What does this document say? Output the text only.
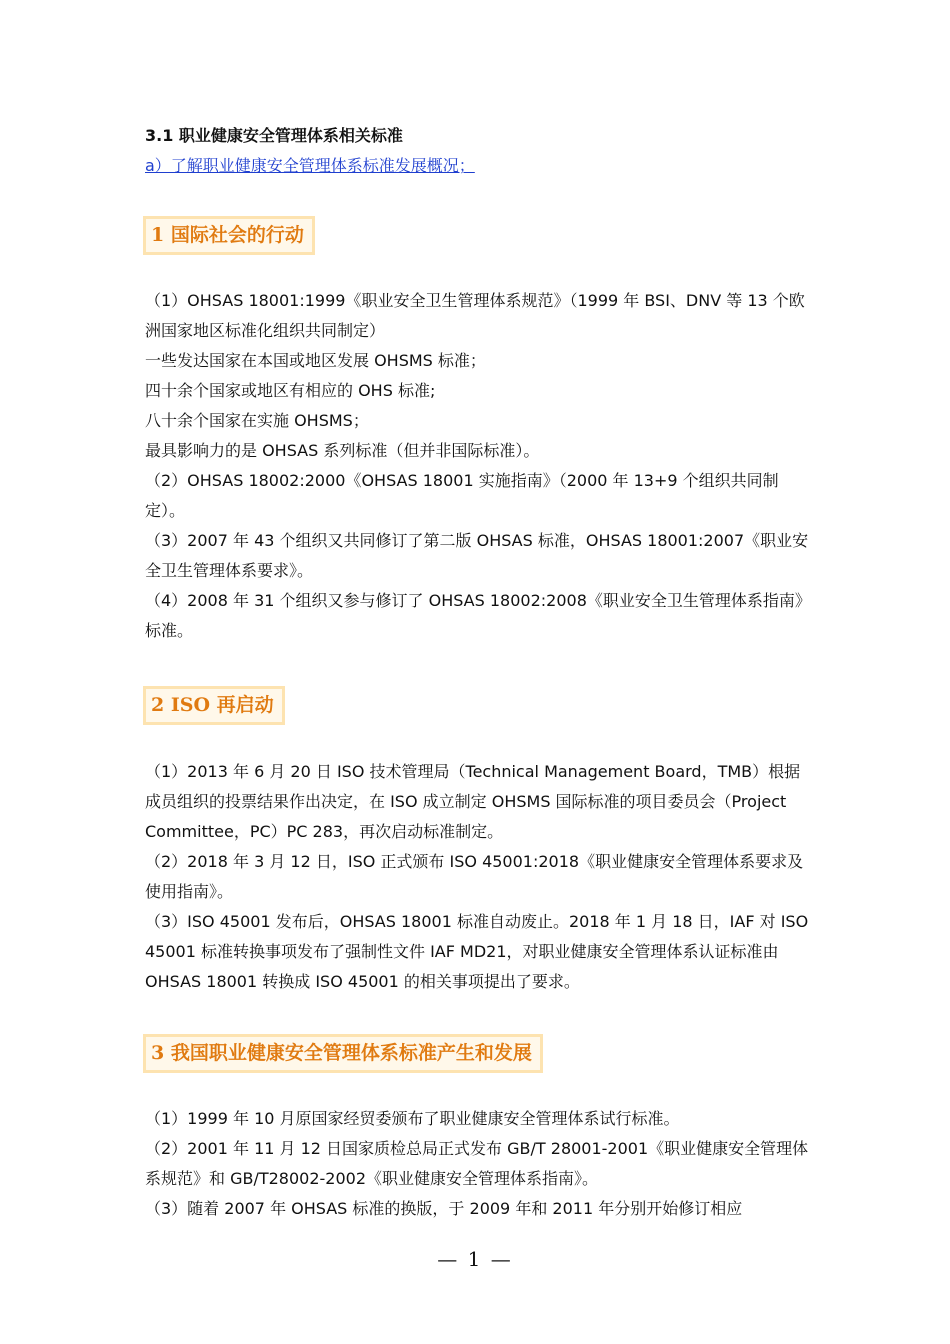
3.1 职业健康安全管理体系相关标准
a）了解职业健康安全管理体系标准发展概况；
1 国际社会的行动

（1）OHSAS 18001:1999《职业安全卫生管理体系规范》（1999 年 BSI、DNV 等 13 个欧洲国家地区标准化组织共同制定）

一些发达国家在本国或地区发展 OHSMS 标准；

四十余个国家或地区有相应的 OHS 标准;

八十余个国家在实施 OHSMS；

最具影响力的是 OHSAS 系列标准（但并非国际标准）。

（2）OHSAS 18002:2000《OHSAS 18001 实施指南》（2000 年 13+9 个组织共同制定）。

（3）2007 年 43 个组织又共同修订了第二版 OHSAS 标准，OHSAS 18001:2007《职业安全卫生管理体系要求》。

（4）2008 年 31 个组织又参与修订了 OHSAS 18002:2008《职业安全卫生管理体系指南》标准。

2 ISO 再启动

（1）2013 年 6 月 20 日 ISO 技术管理局（Technical Management Board，TMB）根据成员组织的投票结果作出决定，在 ISO 成立制定 OHSMS 国际标准的项目委员会（Project Committee，PC）PC 283，再次启动标准制定。

（2）2018 年 3 月 12 日，ISO 正式颁布 ISO 45001:2018《职业健康安全管理体系要求及使用指南》。

（3）ISO 45001 发布后，OHSAS 18001 标准自动废止。2018 年 1 月 18 日，IAF 对 ISO 45001 标准转换事项发布了强制性文件 IAF MD21，对职业健康安全管理体系认证标准由 OHSAS 18001 转换成 ISO 45001 的相关事项提出了要求。

3 我国职业健康安全管理体系标准产生和发展

（1）1999 年 10 月原国家经贸委颁布了职业健康安全管理体系试行标准。

（2）2001 年 11 月 12 日国家质检总局正式发布 GB/T 28001-2001《职业健康安全管理体系规范》和 GB/T28002-2002《职业健康安全管理体系指南》。

（3）随着 2007 年 OHSAS 标准的换版，于 2009 年和 2011 年分别开始修订相应

— 1 —
